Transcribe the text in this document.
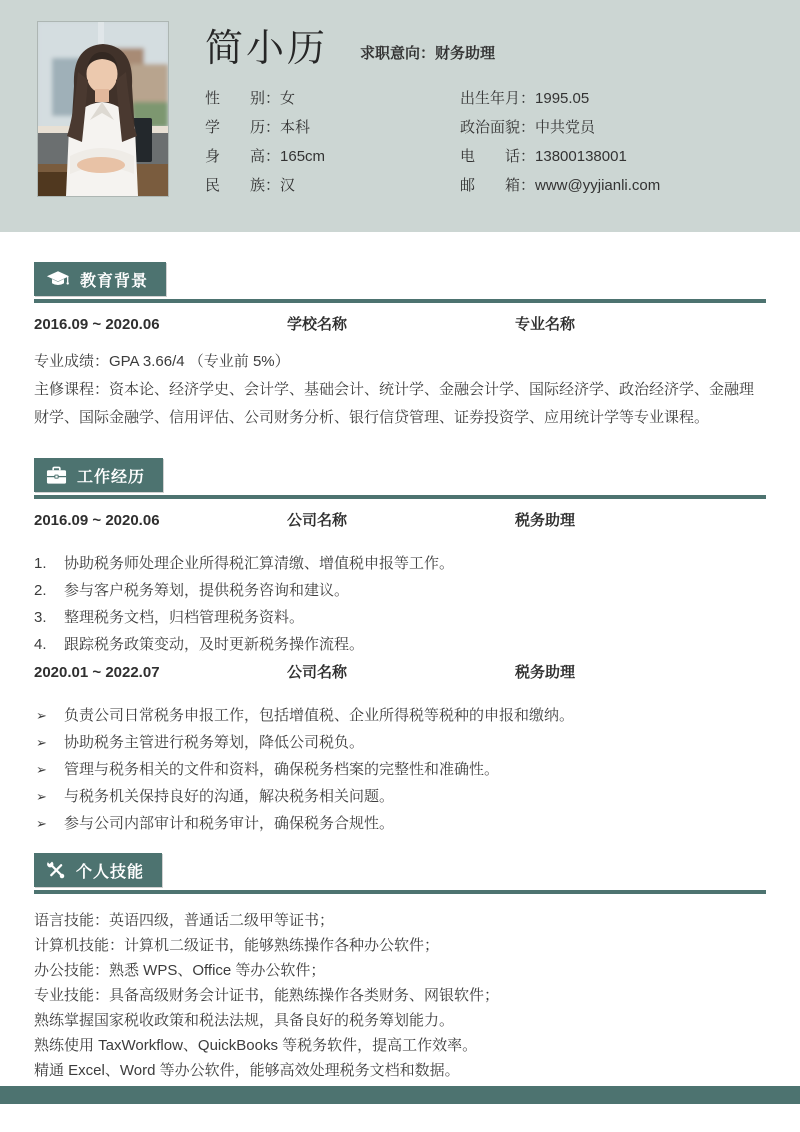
简小历 求职意向：财务助理
性别：女	出生年月：1995.05
学历：本科	政治面貌：中共党员
身高：165cm	电话：13800138001
民族：汉	邮箱：www@yyjianli.com
教育背景
2016.09 ~ 2020.06	学校名称	专业名称

专业成绩：GPA 3.66/4 （专业前 5%）

主修课程：资本论、经济学史、会计学、基础会计、统计学、金融会计学、国际经济学、政治经济学、金融理财学、国际金融学、信用评估、公司财务分析、银行信贷管理、证券投资学、应用统计学等专业课程。

工作经历
2016.09 ~ 2020.06	公司名称	税务助理
1.	协助税务师处理企业所得税汇算清缴、增值税申报等工作。
2.	参与客户税务筹划，提供税务咨询和建议。
3.	整理税务文档，归档管理税务资料。
4.	跟踪税务政策变动，及时更新税务操作流程。
2020.01 ~ 2022.07	公司名称	税务助理
➢	负责公司日常税务申报工作，包括增值税、企业所得税等税种的申报和缴纳。
➢	协助税务主管进行税务筹划，降低公司税负。
➢	管理与税务相关的文件和资料，确保税务档案的完整性和准确性。
➢	与税务机关保持良好的沟通，解决税务相关问题。
➢	参与公司内部审计和税务审计，确保税务合规性。
个人技能

语言技能：英语四级，普通话二级甲等证书；

计算机技能：计算机二级证书，能够熟练操作各种办公软件；

办公技能：熟悉 WPS、Office 等办公软件；

专业技能：具备高级财务会计证书，能熟练操作各类财务、网银软件；

熟练掌握国家税收政策和税法法规，具备良好的税务筹划能力。

熟练使用 TaxWorkflow、QuickBooks 等税务软件，提高工作效率。

精通 Excel、Word 等办公软件，能够高效处理税务文档和数据。
